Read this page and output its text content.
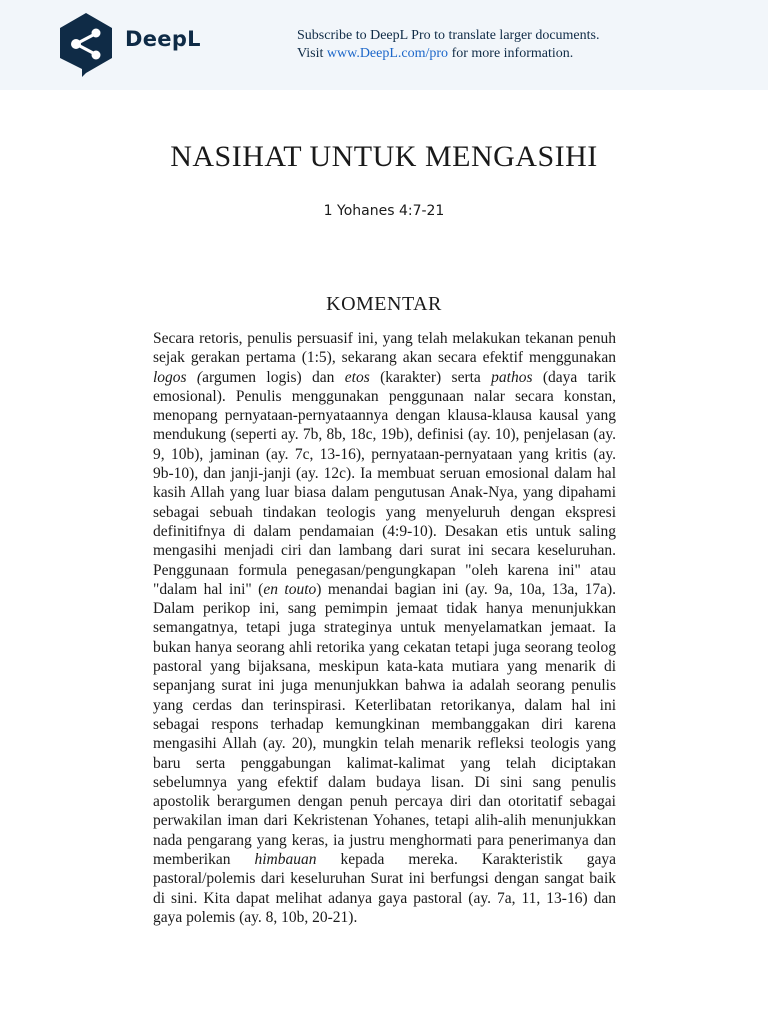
DeepL	Subscribe to DeepL Pro to translate larger documents.
Visit www.DeepL.com/pro for more information.
NASIHAT UNTUK MENGASIHI
1 Yohanes 4:7-21
KOMENTAR

Secara retoris, penulis persuasif ini, yang telah melakukan tekanan penuh sejak gerakan pertama (1:5), sekarang akan secara efektif menggunakan logos (argumen logis) dan etos (karakter) serta pathos (daya tarik emosional). Penulis menggunakan penggunaan nalar secara konstan, menopang pernyataan-pernyataannya dengan klausa-klausa kausal yang mendukung (seperti ay. 7b, 8b, 18c, 19b), definisi (ay. 10), penjelasan (ay. 9, 10b), jaminan (ay. 7c, 13-16), pernyataan-pernyataan yang kritis (ay. 9b-10), dan janji-janji (ay. 12c). Ia membuat seruan emosional dalam hal kasih Allah yang luar biasa dalam pengutusan Anak-Nya, yang dipahami sebagai sebuah tindakan teologis yang menyeluruh dengan ekspresi definitifnya di dalam pendamaian (4:9-10). Desakan etis untuk saling mengasihi menjadi ciri dan lambang dari surat ini secara keseluruhan. Penggunaan formula penegasan/pengungkapan "oleh karena ini" atau "dalam hal ini" (en touto) menandai bagian ini (ay. 9a, 10a, 13a, 17a). Dalam perikop ini, sang pemimpin jemaat tidak hanya menunjukkan semangatnya, tetapi juga strateginya untuk menyelamatkan jemaat. Ia bukan hanya seorang ahli retorika yang cekatan tetapi juga seorang teolog pastoral yang bijaksana, meskipun kata-kata mutiara yang menarik di sepanjang surat ini juga menunjukkan bahwa ia adalah seorang penulis yang cerdas dan terinspirasi. Keterlibatan retorikanya, dalam hal ini sebagai respons terhadap kemungkinan membanggakan diri karena mengasihi Allah (ay. 20), mungkin telah menarik refleksi teologis yang baru serta penggabungan kalimat-kalimat yang telah diciptakan sebelumnya yang efektif dalam budaya lisan. Di sini sang penulis apostolik berargumen dengan penuh percaya diri dan otoritatif sebagai perwakilan iman dari Kekristenan Yohanes, tetapi alih-alih menunjukkan nada pengarang yang keras, ia justru menghormati para penerimanya dan memberikan himbauan kepada mereka. Karakteristik gaya pastoral/polemis dari keseluruhan Surat ini berfungsi dengan sangat baik di sini. Kita dapat melihat adanya gaya pastoral (ay. 7a, 11, 13-16) dan gaya polemis (ay. 8, 10b, 20-21).
